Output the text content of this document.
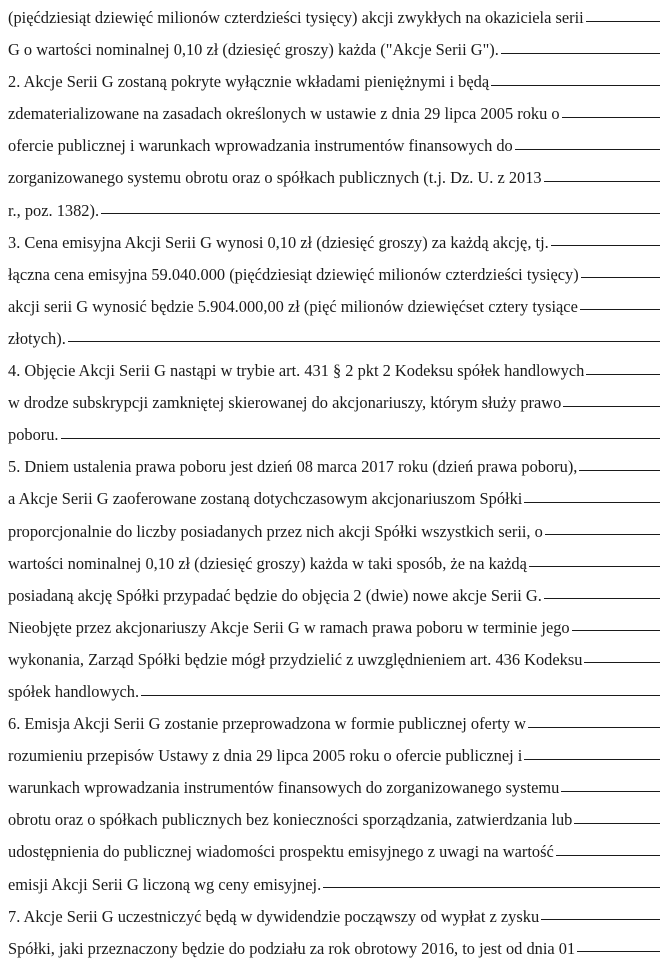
(pięćdziesiąt dziewięć milionów czterdzieści tysięcy) akcji zwykłych na okaziciela serii
G o wartości nominalnej 0,10 zł (dziesięć groszy) każda ("Akcje Serii G").
2. Akcje Serii G zostaną pokryte wyłącznie wkładami pieniężnymi i będą
zdematerializowane na zasadach określonych w ustawie z dnia 29 lipca 2005 roku o
ofercie publicznej i warunkach wprowadzania instrumentów finansowych do
zorganizowanego systemu obrotu oraz o spółkach publicznych (t.j. Dz. U. z 2013
r., poz. 1382).
3. Cena emisyjna Akcji Serii G wynosi 0,10 zł (dziesięć groszy) za każdą akcję, tj.
łączna cena emisyjna 59.040.000 (pięćdziesiąt dziewięć milionów czterdzieści tysięcy)
akcji serii G wynosić będzie 5.904.000,00 zł (pięć milionów dziewięćset cztery tysiące
złotych).
4. Objęcie Akcji Serii G nastąpi w trybie art. 431 § 2 pkt 2 Kodeksu spółek handlowych
w drodze subskrypcji zamkniętej skierowanej do akcjonariuszy, którym służy prawo
poboru.
5. Dniem ustalenia prawa poboru jest dzień 08 marca 2017 roku (dzień prawa poboru),
a Akcje Serii G zaoferowane zostaną dotychczasowym akcjonariuszom Spółki
proporcjonalnie do liczby posiadanych przez nich akcji Spółki wszystkich serii, o
wartości nominalnej 0,10 zł (dziesięć groszy) każda w taki sposób, że na każdą
posiadaną akcję Spółki przypadać będzie do objęcia 2 (dwie) nowe akcje Serii G.
Nieobjęte przez akcjonariuszy Akcje Serii G w ramach prawa poboru w terminie jego
wykonania, Zarząd Spółki będzie mógł przydzielić z uwzględnieniem art. 436 Kodeksu
spółek handlowych.
6. Emisja Akcji Serii G zostanie przeprowadzona w formie publicznej oferty w
rozumieniu przepisów Ustawy z dnia 29 lipca 2005 roku o ofercie publicznej i
warunkach wprowadzania instrumentów finansowych do zorganizowanego systemu
obrotu oraz o spółkach publicznych bez konieczności sporządzania, zatwierdzania lub
udostępnienia do publicznej wiadomości prospektu emisyjnego z uwagi na wartość
emisji Akcji Serii G liczoną wg ceny emisyjnej.
7. Akcje Serii G uczestniczyć będą w dywidendzie począwszy od wypłat z zysku
Spółki, jaki przeznaczony będzie do podziału za rok obrotowy 2016, to jest od dnia 01
